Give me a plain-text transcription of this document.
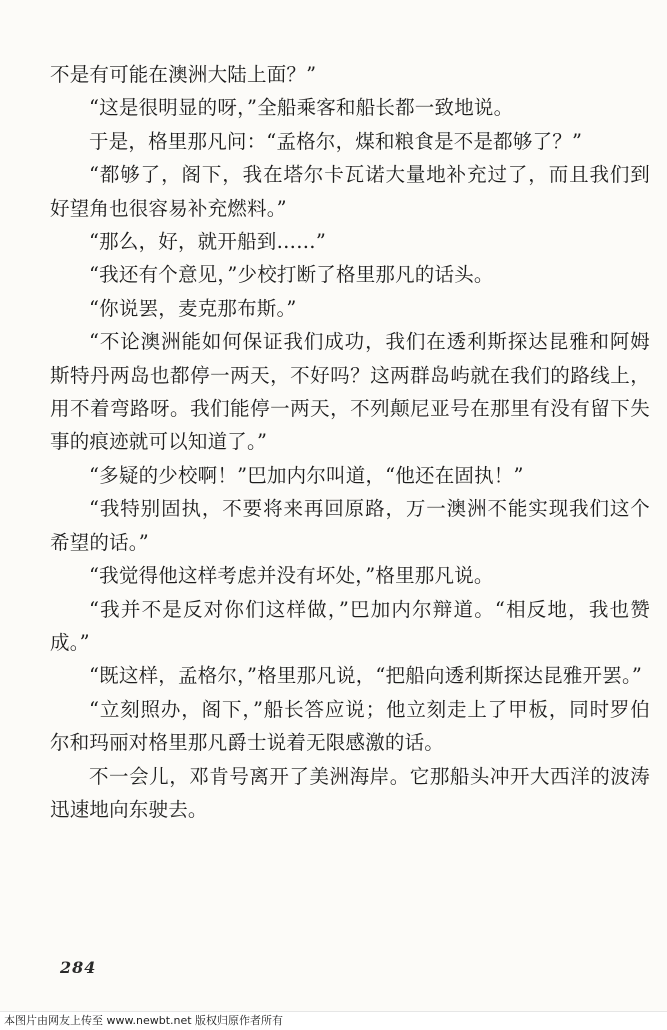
不是有可能在澳洲大陆上面？”

“这是很明显的呀，”全船乘客和船长都一致地说。

于是，格里那凡问：“孟格尔，煤和粮食是不是都够了？”

“都够了，阁下，我在塔尔卡瓦诺大量地补充过了，而且我们到好望角也很容易补充燃料。”

“那么，好，就开船到……”

“我还有个意见，”少校打断了格里那凡的话头。

“你说罢，麦克那布斯。”

“不论澳洲能如何保证我们成功，我们在透利斯探达昆雅和阿姆斯特丹两岛也都停一两天，不好吗？这两群岛屿就在我们的路线上，用不着弯路呀。我们能停一两天，不列颠尼亚号在那里有没有留下失事的痕迹就可以知道了。”

“多疑的少校啊！”巴加内尔叫道，“他还在固执！”

“我特别固执，不要将来再回原路，万一澳洲不能实现我们这个希望的话。”

“我觉得他这样考虑并没有坏处，”格里那凡说。

“我并不是反对你们这样做，”巴加内尔辩道。“相反地，我也赞成。”

“既这样，孟格尔，”格里那凡说，“把船向透利斯探达昆雅开罢。”

“立刻照办，阁下，”船长答应说；他立刻走上了甲板，同时罗伯尔和玛丽对格里那凡爵士说着无限感激的话。

不一会儿，邓肯号离开了美洲海岸。它那船头冲开大西洋的波涛迅速地向东驶去。

284
本图片由网友上传至 www.newbt.net 版权归原作者所有
